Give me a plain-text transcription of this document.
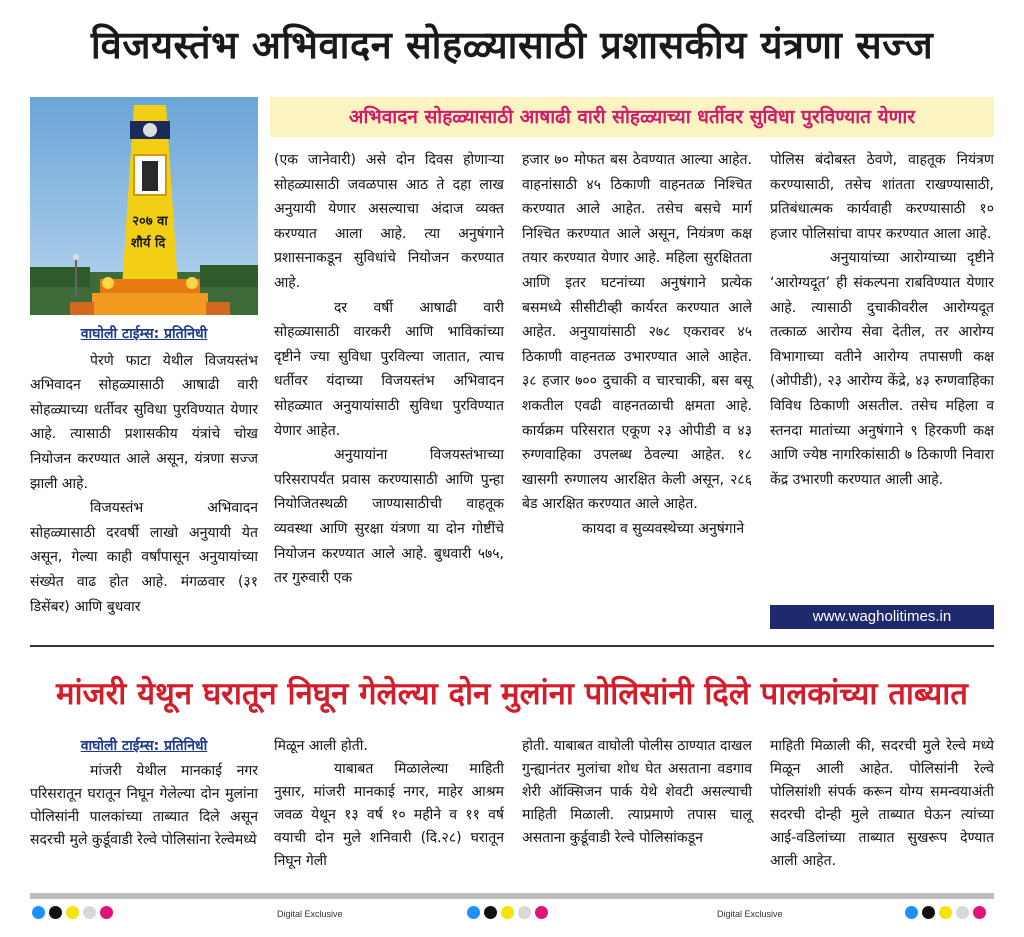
विजयस्तंभ अभिवादन सोहळ्यासाठी प्रशासकीय यंत्रणा सज्ज
२०७ वा
शौर्य दि
अभिवादन सोहळ्यासाठी आषाढी वारी सोहळ्याच्या धर्तीवर सुविधा पुरविण्यात येणार
वाघोली टाईम्स: प्रतिनिधी

पेरणे फाटा येथील विजयस्तंभ अभिवादन सोहळ्यासाठी आषाढी वारी सोहळ्याच्या धर्तीवर सुविधा पुरविण्यात येणार आहे. त्यासाठी प्रशासकीय यंत्रांचे चोख नियोजन करण्यात आले असून, यंत्रणा सज्ज झाली आहे.

विजयस्तंभ अभिवादन सोहळ्यासाठी दरवर्षी लाखो अनुयायी येत असून, गेल्या काही वर्षांपासून अनुयायांच्या संख्येत वाढ होत आहे. मंगळवार (३१ डिसेंबर) आणि बुधवार

(एक जानेवारी) असे दोन दिवस होणाऱ्या सोहळ्यासाठी जवळपास आठ ते दहा लाख अनुयायी येणार असल्याचा अंदाज व्यक्त करण्यात आला आहे. त्या अनुषंगाने प्रशासनाकडून सुविधांचे नियोजन करण्यात आहे.

दर वर्षी आषाढी वारी सोहळ्यासाठी वारकरी आणि भाविकांच्या दृष्टीने ज्या सुविधा पुरविल्या जातात, त्याच धर्तीवर यंदाच्या विजयस्तंभ अभिवादन सोहळ्यात अनुयायांसाठी सुविधा पुरविण्यात येणार आहेत.

अनुयायांना विजयस्तंभाच्या परिसरापर्यंत प्रवास करण्यासाठी आणि पुन्हा नियोजितस्थळी जाण्यासाठीची वाहतूक व्यवस्था आणि सुरक्षा यंत्रणा या दोन गोष्टींचे नियोजन करण्यात आले आहे. बुधवारी ५७५, तर गुरुवारी एक

हजार ७० मोफत बस ठेवण्यात आल्या आहेत. वाहनांसाठी ४५ ठिकाणी वाहनतळ निश्चित करण्यात आले आहेत. तसेच बसचे मार्ग निश्चित करण्यात आले असून, नियंत्रण कक्ष तयार करण्यात येणार आहे. महिला सुरक्षितता आणि इतर घटनांच्या अनुषंगाने प्रत्येक बसमध्ये सीसीटीव्ही कार्यरत करण्यात आले आहेत. अनुयायांसाठी २७८ एकरावर ४५ ठिकाणी वाहनतळ उभारण्यात आले आहेत. ३८ हजार ७०० दुचाकी व चारचाकी, बस बसू शकतील एवढी वाहनतळाची क्षमता आहे. कार्यक्रम परिसरात एकूण २३ ओपीडी व ४३ रुग्णवाहिका उपलब्ध ठेवल्या आहेत. १८ खासगी रुग्णालय आरक्षित केली असून, २८६ बेड आरक्षित करण्यात आले आहेत.

कायदा व सुव्यवस्थेच्या अनुषंगाने

पोलिस बंदोबस्त ठेवणे, वाहतूक नियंत्रण करण्यासाठी, तसेच शांतता राखण्यासाठी, प्रतिबंधात्मक कार्यवाही करण्यासाठी १० हजार पोलिसांचा वापर करण्यात आला आहे.

अनुयायांच्या आरोग्याच्या दृष्टीने ‘आरोग्यदूत’ ही संकल्पना राबविण्यात येणार आहे. त्यासाठी दुचाकीवरील आरोग्यदूत तत्काळ आरोग्य सेवा देतील, तर आरोग्य विभागाच्या वतीने आरोग्य तपासणी कक्ष (ओपीडी), २३ आरोग्य केंद्रे, ४३ रुग्णवाहिका विविध ठिकाणी असतील. तसेच महिला व स्तनदा मातांच्या अनुषंगाने ९ हिरकणी कक्ष आणि ज्येष्ठ नागरिकांसाठी ७ ठिकाणी निवारा केंद्र उभारणी करण्यात आली आहे.

www.wagholitimes.in
मांजरी येथून घरातून निघून गेलेल्या दोन मुलांना पोलिसांनी दिले पालकांच्या ताब्यात
वाघोली टाईम्स: प्रतिनिधी

मांजरी येथील मानकाई नगर परिसरातून घरातून निघून गेलेल्या दोन मुलांना पोलिसांनी पालकांच्या ताब्यात दिले असून सदरची मुले कुर्डूवाडी रेल्वे पोलिसांना रेल्वेमध्ये

मिळून आली होती.

याबाबत मिळालेल्या माहिती नुसार, मांजरी मानकाई नगर, माहेर आश्रम जवळ येथून १३ वर्ष १० महीने व ११ वर्ष वयाची दोन मुले शनिवारी (दि.२८) घरातून निघून गेली

होती. याबाबत वाघोली पोलीस ठाण्यात दाखल गुन्ह्यानंतर मुलांचा शोध घेत असताना वडगाव शेरी ऑक्सिजन पार्क येथे शेवटी असल्याची माहिती मिळाली. त्याप्रमाणे तपास चालू असताना कुर्डूवाडी रेल्वे पोलिसांकडून

माहिती मिळाली की, सदरची मुले रेल्वे मध्ये मिळून आली आहेत. पोलिसांनी रेल्वे पोलिसांशी संपर्क करून योग्य समन्वयाअंती सदरची दोन्ही मुले ताब्यात घेऊन त्यांच्या आई-वडिलांच्या ताब्यात सुखरूप देण्यात आली आहेत.

Digital Exclusive	Digital Exclusive
